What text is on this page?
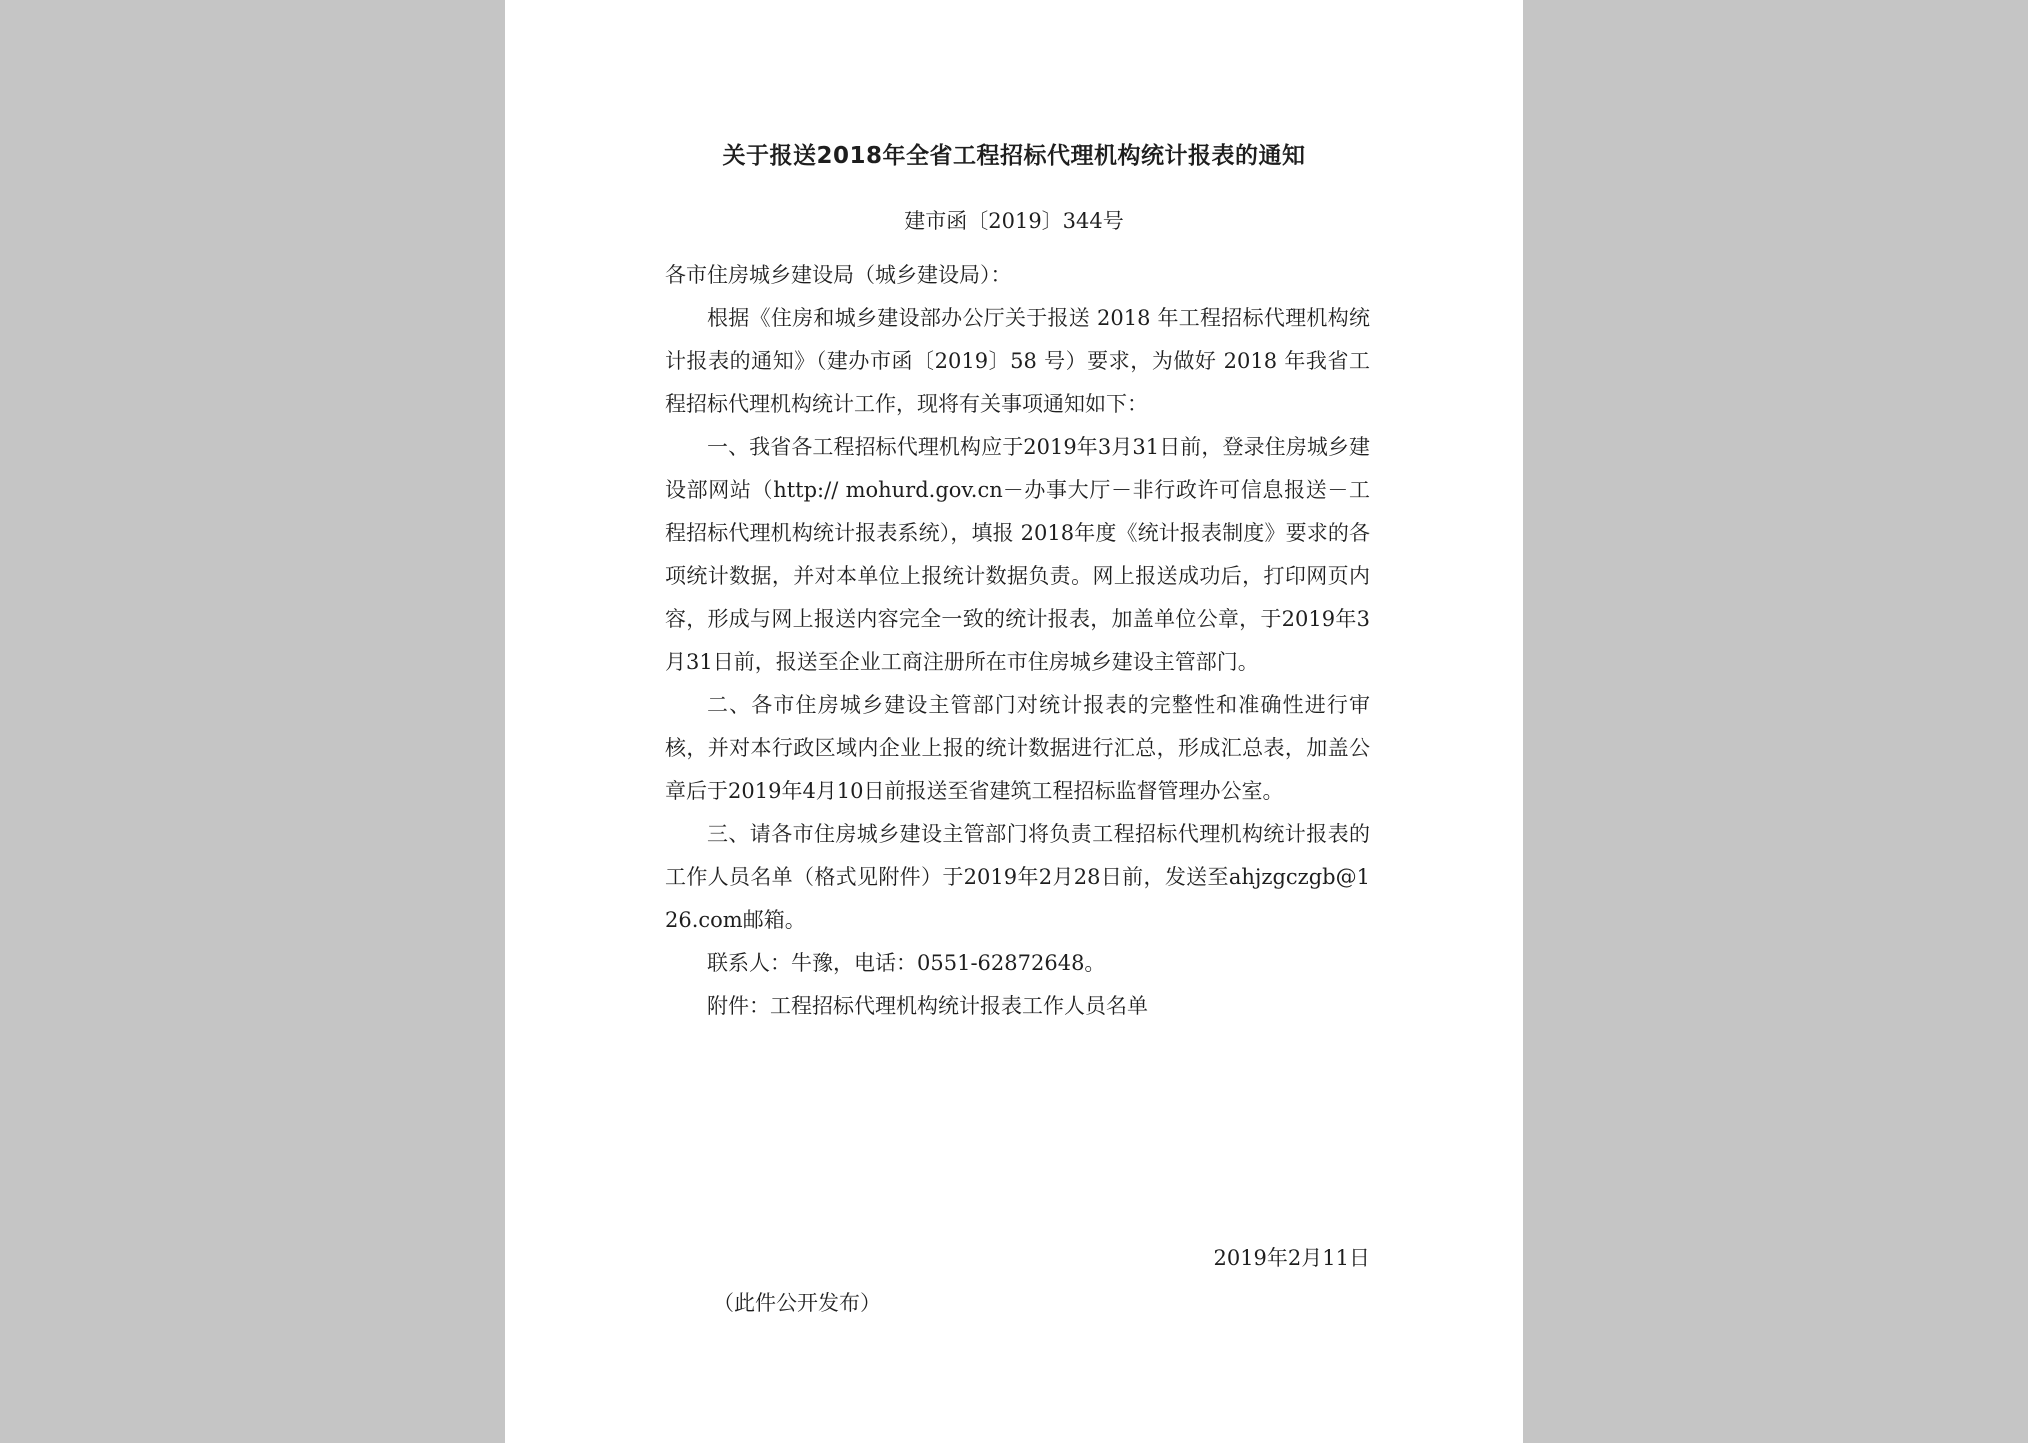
关于报送2018年全省工程招标代理机构统计报表的通知
建市函〔2019〕344号

各市住房城乡建设局（城乡建设局）：

根据《住房和城乡建设部办公厅关于报送 2018 年工程招标代理机构统计报表的通知》（建办市函〔2019〕58 号）要求，为做好 2018 年我省工程招标代理机构统计工作，现将有关事项通知如下：

一、我省各工程招标代理机构应于2019年3月31日前，登录住房城乡建设部网站（http:// mohurd.gov.cn－办事大厅－非行政许可信息报送－工程招标代理机构统计报表系统），填报 2018年度《统计报表制度》要求的各项统计数据，并对本单位上报统计数据负责。网上报送成功后，打印网页内容，形成与网上报送内容完全一致的统计报表，加盖单位公章，于2019年3月31日前，报送至企业工商注册所在市住房城乡建设主管部门。

二、各市住房城乡建设主管部门对统计报表的完整性和准确性进行审核，并对本行政区域内企业上报的统计数据进行汇总，形成汇总表，加盖公章后于2019年4月10日前报送至省建筑工程招标监督管理办公室。

三、请各市住房城乡建设主管部门将负责工程招标代理机构统计报表的工作人员名单（格式见附件）于2019年2月28日前，发送至ahjzgczgb@126.com邮箱。

联系人：牛豫，电话：0551-62872648。

附件：工程招标代理机构统计报表工作人员名单

2019年2月11日
（此件公开发布）
